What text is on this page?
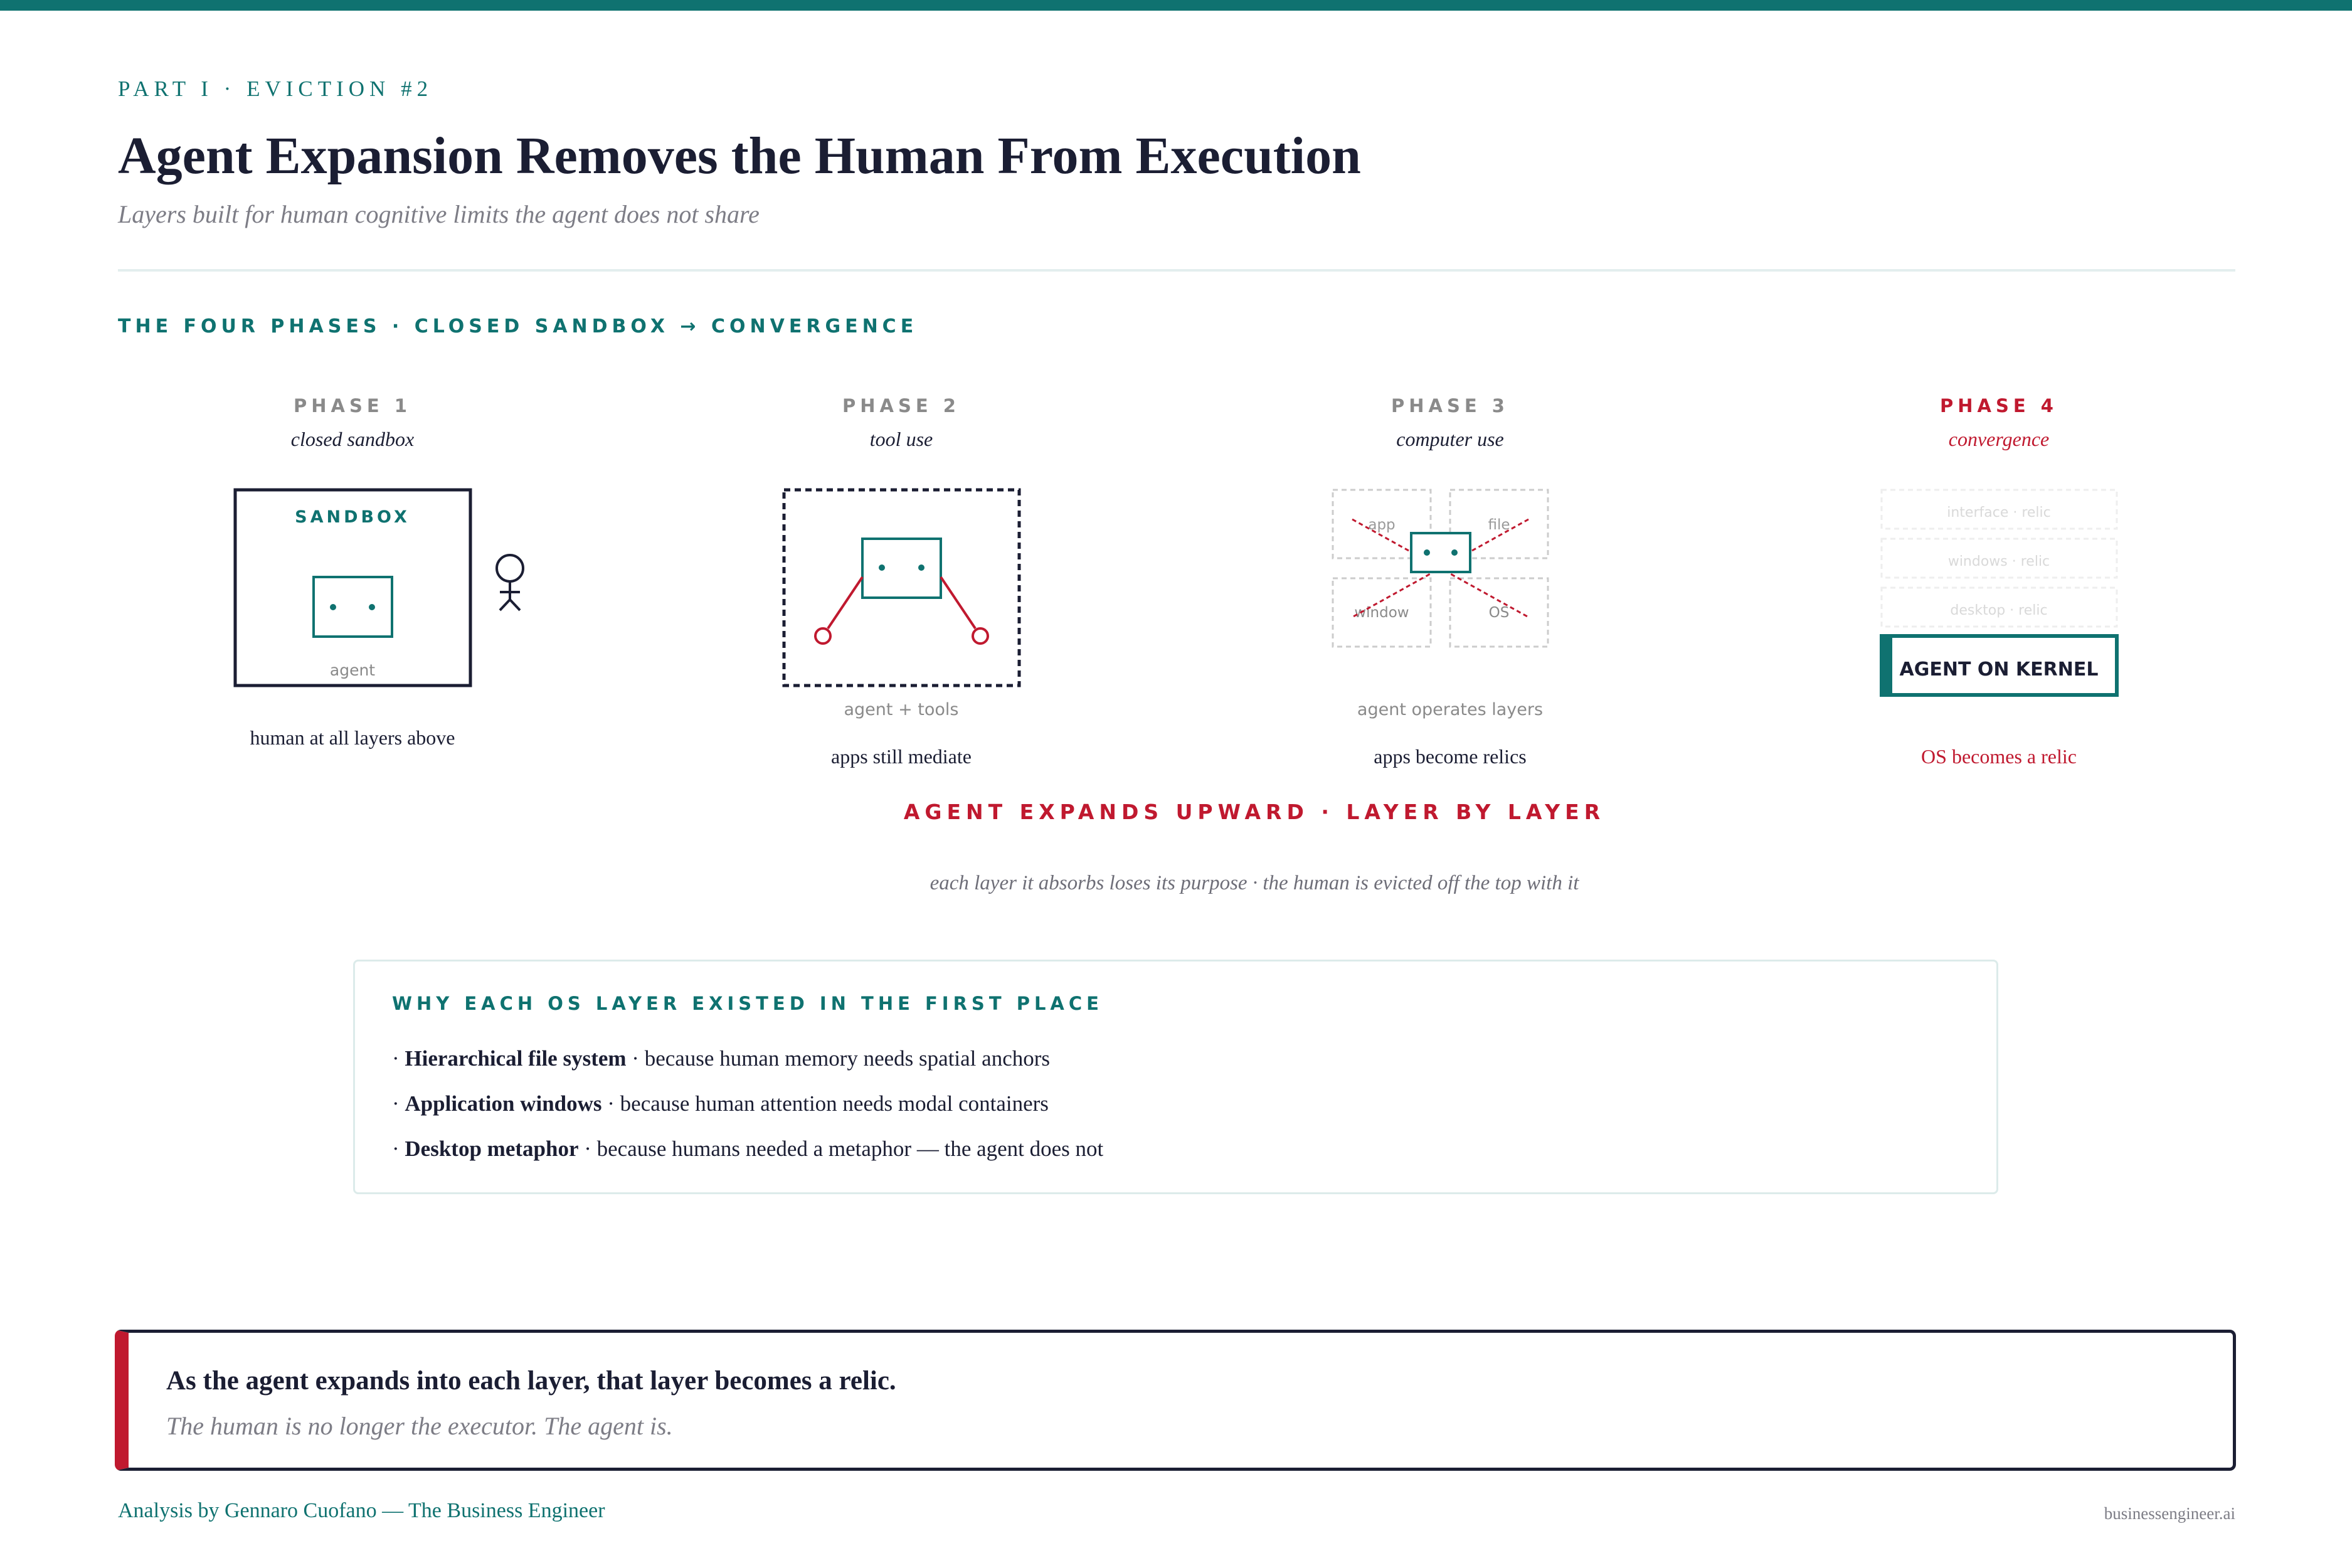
PART I · EVICTION #2
Agent Expansion Removes the Human From Execution
Layers built for human cognitive limits the agent does not share
THE FOUR PHASES · CLOSED SANDBOX → CONVERGENCE
PHASE 1
closed sandbox
PHASE 2
tool use
PHASE 3
computer use
PHASE 4
convergence
SANDBOX
agent
agent + tools
app	file
window	OS
agent operates layers
interface · relic
windows · relic
desktop · relic
AGENT ON KERNEL
human at all layers above
apps still mediate	apps become relics	OS becomes a relic
AGENT EXPANDS UPWARD · LAYER BY LAYER
each layer it absorbs loses its purpose · the human is evicted off the top with it
WHY EACH OS LAYER EXISTED IN THE FIRST PLACE
· Hierarchical file system · because human memory needs spatial anchors
· Application windows · because human attention needs modal containers
· Desktop metaphor · because humans needed a metaphor — the agent does not
As the agent expands into each layer, that layer becomes a relic.
The human is no longer the executor. The agent is.
Analysis by Gennaro Cuofano — The Business Engineer	businessengineer.ai
